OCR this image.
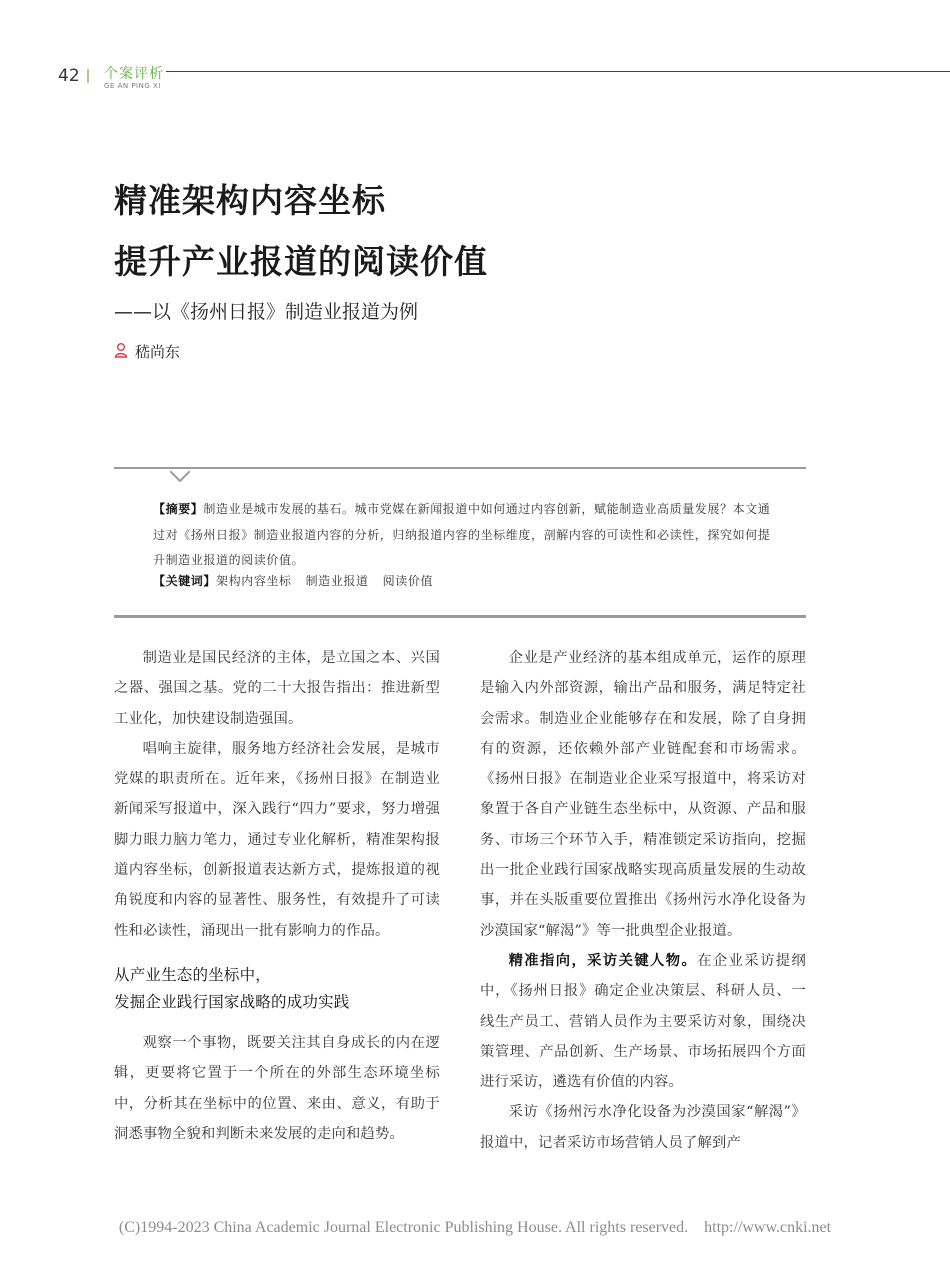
42 个案评析
GE AN PING XI
精准架构内容坐标
提升产业报道的阅读价值
——以《扬州日报》制造业报道为例
嵇尚东
【摘要】制造业是城市发展的基石。城市党媒在新闻报道中如何通过内容创新，赋能制造业高质量发展？本文通过对《扬州日报》制造业报道内容的分析，归纳报道内容的坐标维度，剖解内容的可读性和必读性，探究如何提升制造业报道的阅读价值。
【关键词】架构内容坐标 制造业报道 阅读价值

制造业是国民经济的主体，是立国之本、兴国之器、强国之基。党的二十大报告指出：推进新型工业化，加快建设制造强国。

唱响主旋律，服务地方经济社会发展，是城市党媒的职责所在。近年来，《扬州日报》在制造业新闻采写报道中，深入践行“四力”要求，努力增强脚力眼力脑力笔力，通过专业化解析，精准架构报道内容坐标，创新报道表达新方式，提炼报道的视角锐度和内容的显著性、服务性，有效提升了可读性和必读性，涌现出一批有影响力的作品。

从产业生态的坐标中，
发掘企业践行国家战略的成功实践

观察一个事物，既要关注其自身成长的内在逻辑，更要将它置于一个所在的外部生态环境坐标中，分析其在坐标中的位置、来由、意义，有助于洞悉事物全貌和判断未来发展的走向和趋势。

企业是产业经济的基本组成单元，运作的原理是输入内外部资源，输出产品和服务，满足特定社会需求。制造业企业能够存在和发展，除了自身拥有的资源，还依赖外部产业链配套和市场需求。《扬州日报》在制造业企业采写报道中，将采访对象置于各自产业链生态坐标中，从资源、产品和服务、市场三个环节入手，精准锁定采访指向，挖掘出一批企业践行国家战略实现高质量发展的生动故事，并在头版重要位置推出《扬州污水净化设备为沙漠国家“解渴”》等一批典型企业报道。

精准指向，采访关键人物。在企业采访提纲中，《扬州日报》确定企业决策层、科研人员、一线生产员工、营销人员作为主要采访对象，围绕决策管理、产品创新、生产场景、市场拓展四个方面进行采访，遴选有价值的内容。

采访《扬州污水净化设备为沙漠国家“解渴”》报道中，记者采访市场营销人员了解到产

(C)1994-2023 China Academic Journal Electronic Publishing House. All rights reserved.    http://www.cnki.net
